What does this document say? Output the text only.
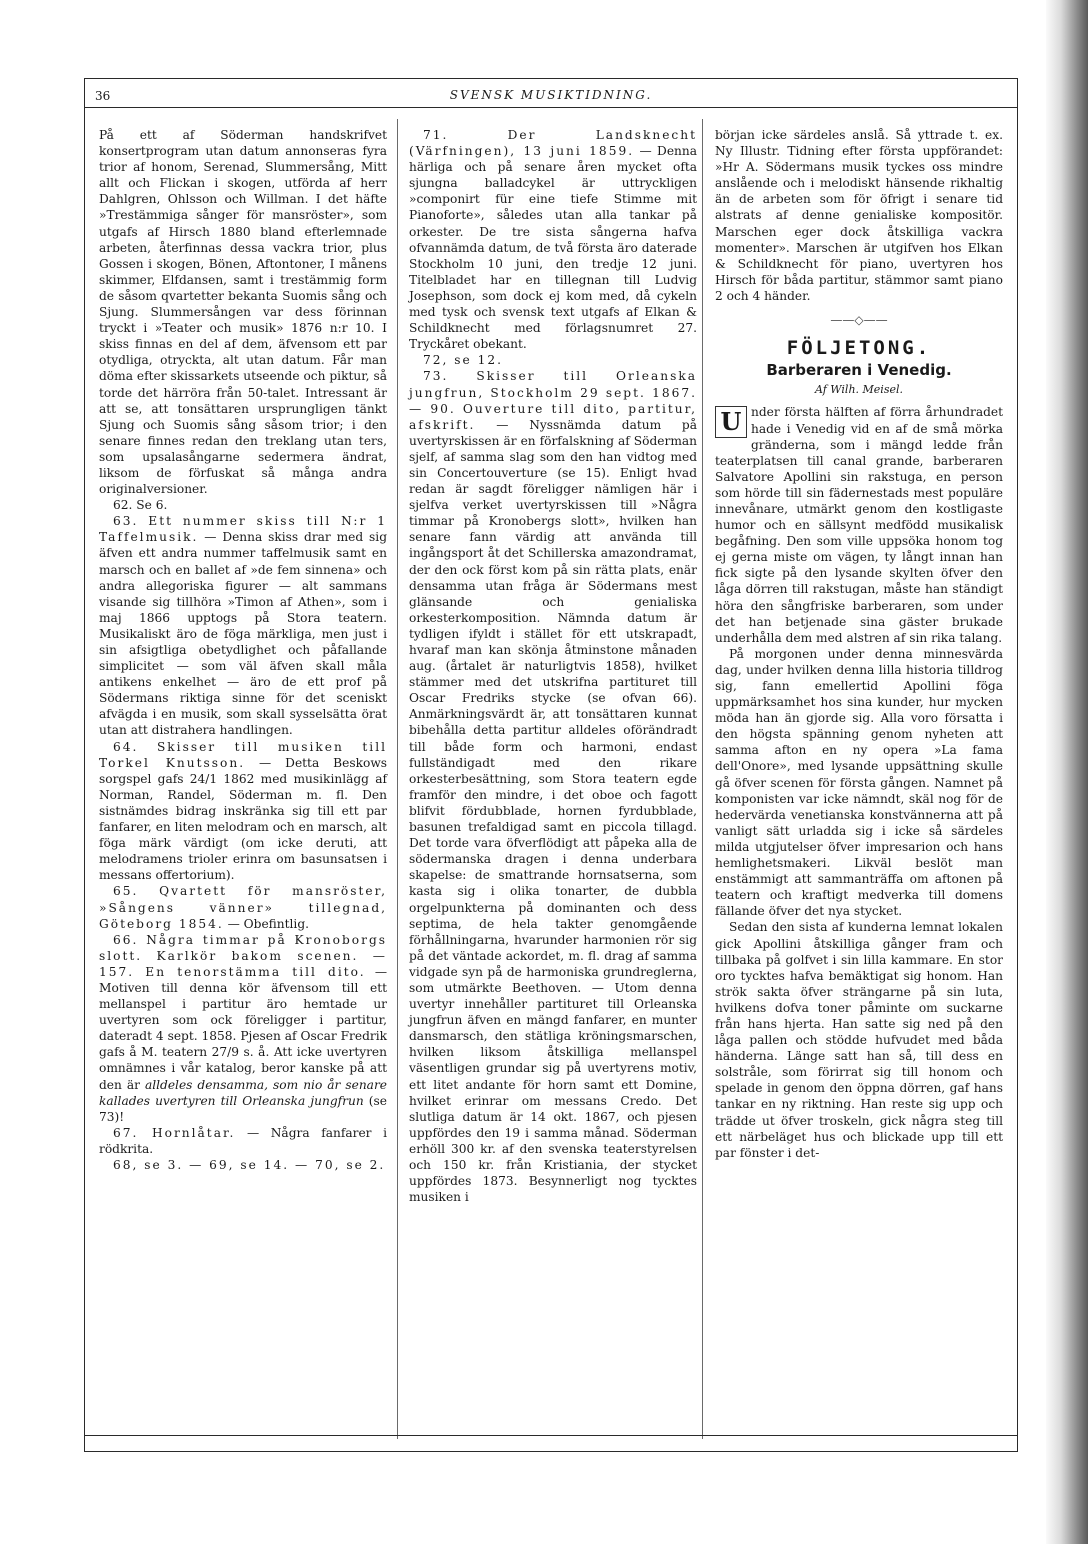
36	SVENSK MUSIKTIDNING.

På ett af Söderman handskrifvet konsertprogram utan datum annonseras fyra trior af honom, Serenad, Slummersång, Mitt allt och Flickan i skogen, utförda af herr Dahlgren, Ohlsson och Willman. I det häfte »Trestämmiga sånger för mansröster», som utgafs af Hirsch 1880 bland efterlemnade arbeten, återfinnas dessa vackra trior, plus Gossen i skogen, Bönen, Aftontoner, I månens skimmer, Elfdansen, samt i trestämmig form de såsom qvartetter bekanta Suomis sång och Sjung. Slummersången var dess förinnan tryckt i »Teater och musik» 1876 n:r 10. I skiss finnas en del af dem, äfvensom ett par otydliga, otryckta, alt utan datum. Får man döma efter skissarkets utseende och piktur, så torde det härröra från 50-talet. Intressant är att se, att tonsättaren ursprungligen tänkt Sjung och Suomis sång såsom trior; i den senare finnes redan den treklang utan ters, som upsalasångarne sedermera ändrat, liksom de förfuskat så många andra originalversioner.

62. Se 6.

63. Ett nummer skiss till N:r 1 Taffelmusik. — Denna skiss drar med sig äfven ett andra nummer taffelmusik samt en marsch och en ballet af »de fem sinnena» och andra allegoriska figurer — alt sammans visande sig tillhöra »Timon af Athen», som i maj 1866 upptogs på Stora teatern. Musikaliskt äro de föga märkliga, men just i sin afsigtliga obetydlighet och påfallande simplicitet — som väl äfven skall måla antikens enkelhet — äro de ett prof på Södermans riktiga sinne för det sceniskt afvägda i en musik, som skall sysselsätta örat utan att distrahera handlingen.

64. Skisser till musiken till Torkel Knutsson. — Detta Beskows sorgspel gafs 24/1 1862 med musikinlägg af Norman, Randel, Söderman m. fl. Den sistnämdes bidrag inskränka sig till ett par fanfarer, en liten melodram och en marsch, alt föga märk värdigt (om icke deruti, att melodramens trioler erinra om basunsatsen i messans offertorium).

65. Qvartett för mansröster, »Sångens vänner» tillegnad, Göteborg 1854. — Obefintlig.

66. Några timmar på Kronoborgs slott. Karlkör bakom scenen. — 157. En tenorstämma till dito. — Motiven till denna kör äfvensom till ett mellanspel i partitur äro hemtade ur uvertyren som ock föreligger i partitur, dateradt 4 sept. 1858. Pjesen af Oscar Fredrik gafs å M. teatern 27/9 s. å. Att icke uvertyren omnämnes i vår katalog, beror kanske på att den är alldeles densamma, som nio år senare kallades uvertyren till Orleanska jungfrun (se 73)!

67. Hornlåtar. — Några fanfarer i rödkrita.

68, se 3. — 69, se 14. — 70, se 2.

71. Der Landsknecht (Värfningen), 13 juni 1859. — Denna härliga och på senare åren mycket ofta sjungna balladcykel är uttryckligen »componirt für eine tiefe Stimme mit Pianoforte», således utan alla tankar på orkester. De tre sista sångerna hafva ofvannämda datum, de två första äro daterade Stockholm 10 juni, den tredje 12 juni. Titelbladet har en tillegnan till Ludvig Josephson, som dock ej kom med, då cykeln med tysk och svensk text utgafs af Elkan & Schildknecht med förlagsnumret 27. Tryckåret obekant.

72, se 12.

73. Skisser till Orleanska jungfrun, Stockholm 29 sept. 1867. — 90. Ouverture till dito, partitur, afskrift. — Nyssnämda datum på uvertyrskissen är en förfalskning af Söderman sjelf, af samma slag som den han vidtog med sin Concertouverture (se 15). Enligt hvad redan är sagdt föreligger nämligen här i sjelfva verket uvertyrskissen till »Några timmar på Kronobergs slott», hvilken han senare fann värdig att använda till ingångsport åt det Schillerska amazondramat, der den ock först kom på sin rätta plats, enär densamma utan fråga är Södermans mest glänsande och genialiska orkesterkomposition. Nämnda datum är tydligen ifyldt i stället för ett utskrapadt, hvaraf man kan skönja åtminstone månaden aug. (årtalet är naturligtvis 1858), hvilket stämmer med det utskrifna partituret till Oscar Fredriks stycke (se ofvan 66). Anmärkningsvärdt är, att tonsättaren kunnat bibehålla detta partitur alldeles oförändradt till både form och harmoni, endast fullständigadt med den rikare orkesterbesättning, som Stora teatern egde framför den mindre, i det oboe och fagott blifvit fördubblade, hornen fyrdubblade, basunen trefaldigad samt en piccola tillagd. Det torde vara öfverflödigt att påpeka alla de södermanska dragen i denna underbara skapelse: de smattrande hornsatserna, som kasta sig i olika tonarter, de dubbla orgelpunkterna på dominanten och dess septima, de hela takter genomgående förhållningarna, hvarunder harmonien rör sig på det väntade ackordet, m. fl. drag af samma vidgade syn på de harmoniska grundreglerna, som utmärkte Beethoven. — Utom denna uvertyr innehåller partituret till Orleanska jungfrun äfven en mängd fanfarer, en munter dansmarsch, den stätliga kröningsmarschen, hvilken liksom åtskilliga mellanspel väsentligen grundar sig på uvertyrens motiv, ett litet andante för horn samt ett Domine, hvilket erinrar om messans Credo. Det slutliga datum är 14 okt. 1867, och pjesen uppfördes den 19 i samma månad. Söderman erhöll 300 kr. af den svenska teaterstyrelsen och 150 kr. från Kristiania, der stycket uppfördes 1873. Besynnerligt nog tycktes musiken i

början icke särdeles anslå. Så yttrade t. ex. Ny Illustr. Tidning efter första uppförandet: »Hr A. Södermans musik tyckes oss mindre anslående och i melodiskt hänsende rikhaltig än de arbeten som för öfrigt i senare tid alstrats af denne genialiske kompositör. Marschen eger dock åtskilliga vackra momenter». Marschen är utgifven hos Elkan & Schildknecht för piano, uvertyren hos Hirsch för båda partitur, stämmor samt piano 2 och 4 händer.

——◇——
FÖLJETONG.
Barberaren i Venedig.
Af Wilh. Meisel.

U nder första hälften af förra århundradet hade i Venedig vid en af de små mörka gränderna, som i mängd ledde från teaterplatsen till canal grande, barberaren Salvatore Apollini sin rakstuga, en person som hörde till sin fädernestads mest populäre innevånare, utmärkt genom den kostligaste humor och en sällsynt medfödd musikalisk begåfning. Den som ville uppsöka honom tog ej gerna miste om vägen, ty långt innan han fick sigte på den lysande skylten öfver den låga dörren till rakstugan, måste han ständigt höra den sångfriske barberaren, som under det han betjenade sina gäster brukade underhålla dem med alstren af sin rika talang.

På morgonen under denna minnesvärda dag, under hvilken denna lilla historia tilldrog sig, fann emellertid Apollini föga uppmärksamhet hos sina kunder, hur mycken möda han än gjorde sig. Alla voro försatta i den högsta spänning genom nyheten att samma afton en ny opera »La fama dell'Onore», med lysande uppsättning skulle gå öfver scenen för första gången. Namnet på komponisten var icke nämndt, skäl nog för de hedervärda venetianska konstvännerna att på vanligt sätt urladda sig i icke så särdeles milda utgjutelser öfver impresarion och hans hemlighetsmakeri. Likväl beslöt man enstämmigt att sammanträffa om aftonen på teatern och kraftigt medverka till domens fällande öfver det nya stycket.

Sedan den sista af kunderna lemnat lokalen gick Apollini åtskilliga gånger fram och tillbaka på golfvet i sin lilla kammare. En stor oro tycktes hafva bemäktigat sig honom. Han strök sakta öfver strängarne på sin luta, hvilkens dofva toner påminte om suckarne från hans hjerta. Han satte sig ned på den låga pallen och stödde hufvudet med båda händerna. Länge satt han så, till dess en solstråle, som förirrat sig till honom och spelade in genom den öppna dörren, gaf hans tankar en ny riktning. Han reste sig upp och trädde ut öfver troskeln, gick några steg till ett närbeläget hus och blickade upp till ett par fönster i det-
